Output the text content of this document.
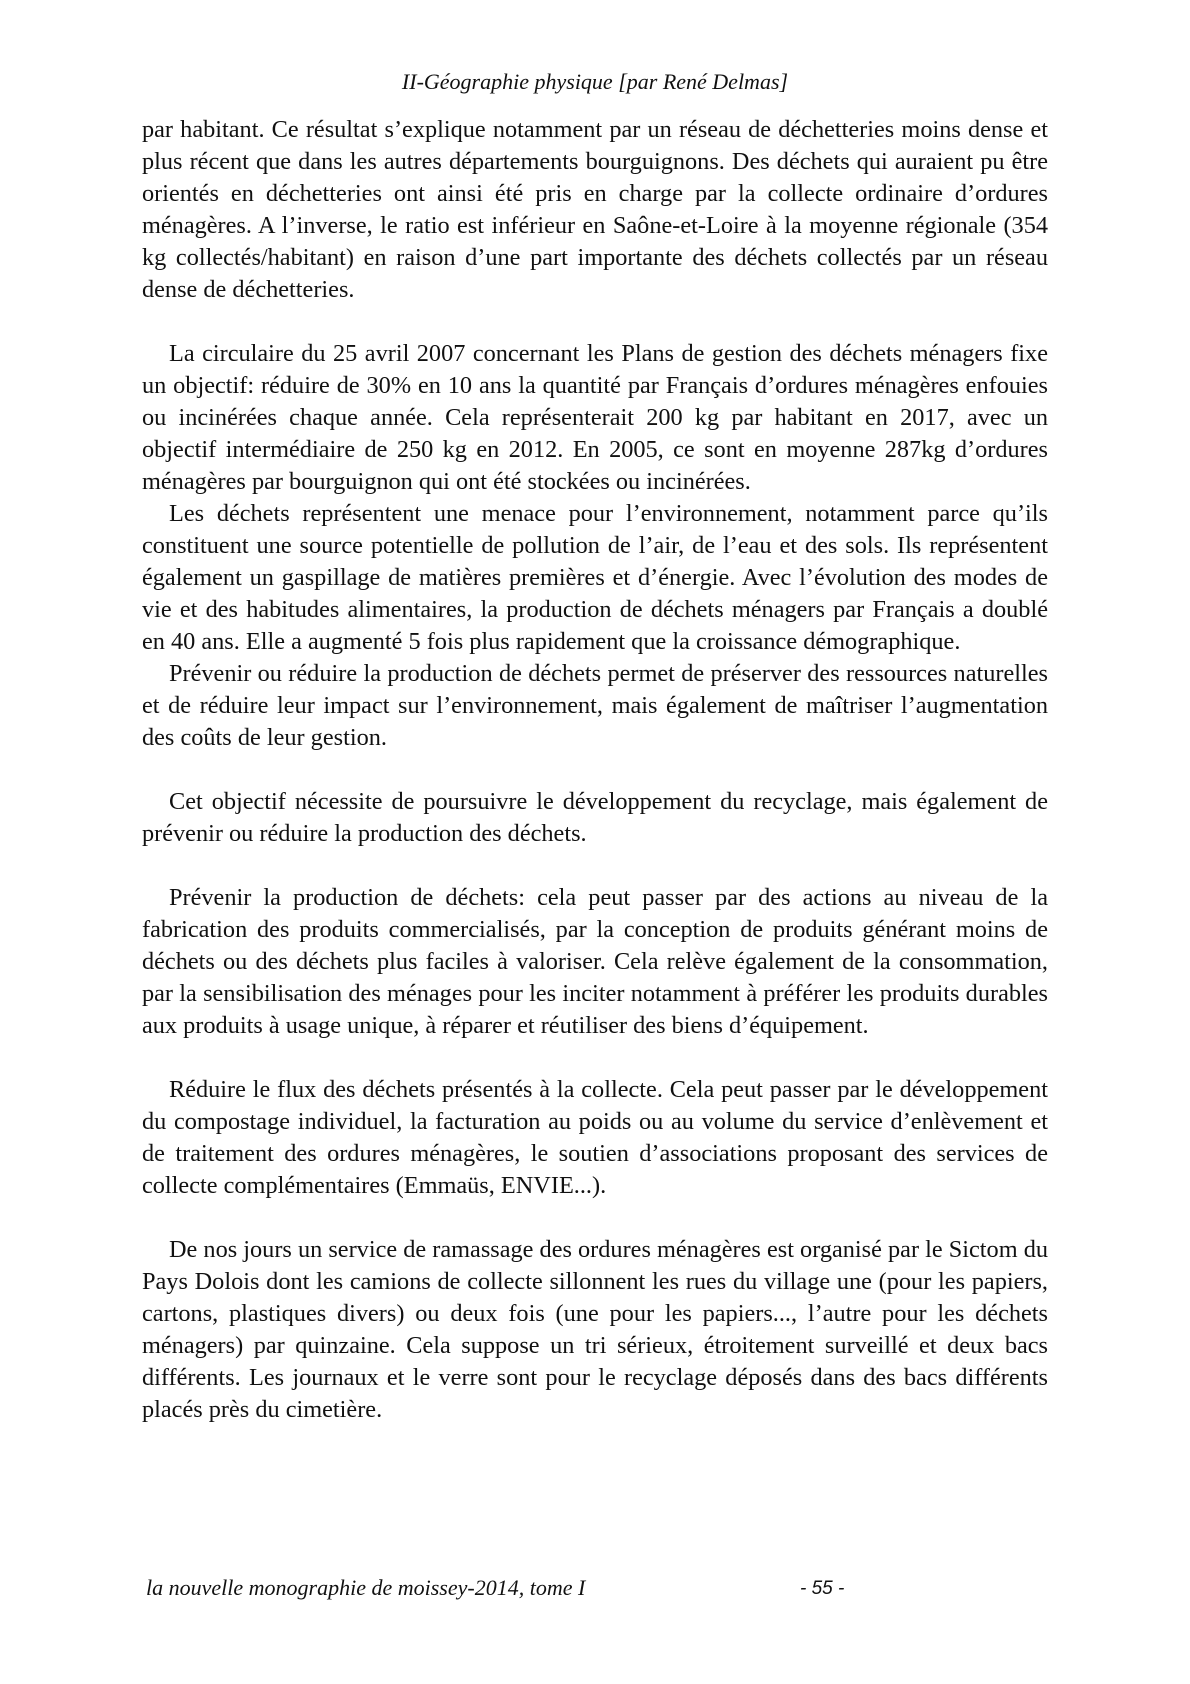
II-Géographie physique [par René Delmas]

par habitant. Ce résultat s’explique notamment par un réseau de déchetteries moins dense et plus récent que dans les autres départements bourguignons. Des déchets qui auraient pu être orientés en déchetteries ont ainsi été pris en charge par la collecte ordinaire d’ordures ménagères. A l’inverse, le ratio est inférieur en Saône-et-Loire à la moyenne régionale (354 kg collectés/habitant) en raison d’une part importante des déchets collectés par un réseau dense de déchetteries.

La circulaire du 25 avril 2007 concernant les Plans de gestion des déchets ménagers fixe un objectif: réduire de 30% en 10 ans la quantité par Français d’ordures ménagères enfouies ou incinérées chaque année. Cela représenterait 200 kg par habitant en 2017, avec un objectif intermédiaire de 250 kg en 2012. En 2005, ce sont en moyenne 287kg d’ordures ménagères par bourguignon qui ont été stockées ou incinérées.

Les déchets représentent une menace pour l’environnement, notamment parce qu’ils constituent une source potentielle de pollution de l’air, de l’eau et des sols. Ils représentent également un gaspillage de matières premières et d’énergie. Avec l’évolution des modes de vie et des habitudes alimentaires, la production de déchets ménagers par Français a doublé en 40 ans. Elle a augmenté 5 fois plus rapidement que la croissance démographique.

Prévenir ou réduire la production de déchets permet de préserver des ressources naturelles et de réduire leur impact sur l’environnement, mais également de maîtriser l’augmentation des coûts de leur gestion.

Cet objectif nécessite de poursuivre le développement du recyclage, mais également de prévenir ou réduire la production des déchets.

Prévenir la production de déchets: cela peut passer par des actions au niveau de la fabrication des produits commercialisés, par la conception de produits générant moins de déchets ou des déchets plus faciles à valoriser. Cela relève également de la consommation, par la sensibilisation des ménages pour les inciter notamment à préférer les produits durables aux produits à usage unique, à réparer et réutiliser des biens d’équipement.

Réduire le flux des déchets présentés à la collecte. Cela peut passer par le développement du compostage individuel, la facturation au poids ou au volume du service d’enlèvement et de traitement des ordures ménagères, le soutien d’associations proposant des services de collecte complémentaires (Emmaüs, ENVIE...).

De nos jours un service de ramassage des ordures ménagères est organisé par le Sictom du Pays Dolois dont les camions de collecte sillonnent les rues du village une (pour les papiers, cartons, plastiques divers) ou deux fois (une pour les papiers..., l’autre pour les déchets ménagers) par quinzaine. Cela suppose un tri sérieux, étroitement surveillé et deux bacs différents. Les journaux et le verre sont pour le recyclage déposés dans des bacs différents placés près du cimetière.

la nouvelle monographie de moissey-2014, tome I	- 55 -
